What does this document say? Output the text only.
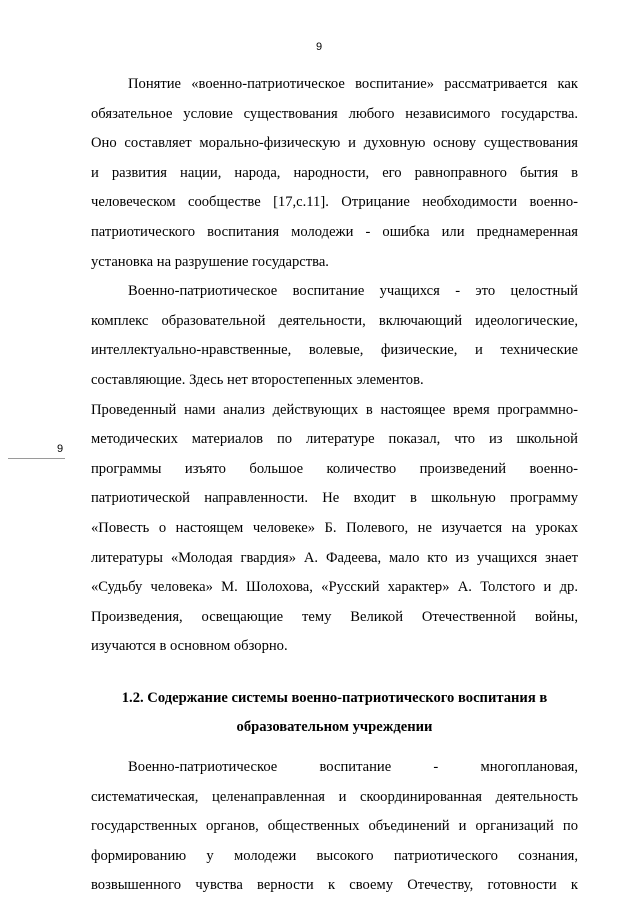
9
9
Понятие «военно-патриотическое воспитание» рассматривается как
обязательное условие существования любого независимого государства.
Оно составляет морально-физическую и духовную основу существования
и развития нации, народа, народности, его равноправного бытия в
человеческом сообществе [17,с.11]. Отрицание необходимости военно-
патриотического воспитания молодежи - ошибка или преднамеренная
установка на разрушение государства.
Военно-патриотическое воспитание учащихся - это целостный
комплекс образовательной деятельности, включающий идеологические,
интеллектуально-нравственные, волевые, физические, и технические
составляющие. Здесь нет второстепенных элементов.
Проведенный нами анализ действующих в настоящее время программно-
методических материалов по литературе показал, что из школьной
программы изъято большое количество произведений военно-
патриотической направленности. Не входит в школьную программу
«Повесть о настоящем человеке» Б. Полевого, не изучается на уроках
литературы «Молодая гвардия» А. Фадеева, мало кто из учащихся знает
«Судьбу человека» М. Шолохова, «Русский характер» А. Толстого и др.
Произведения, освещающие тему Великой Отечественной войны,
изучаются в основном обзорно.
1.2. Содержание системы военно-патриотического воспитания в
образовательном учреждении
Военно-патриотическое воспитание - многоплановая,
систематическая, целенаправленная и скоординированная деятельность
государственных органов, общественных объединений и организаций по
формированию у молодежи высокого патриотического сознания,
возвышенного чувства верности к своему Отечеству, готовности к
